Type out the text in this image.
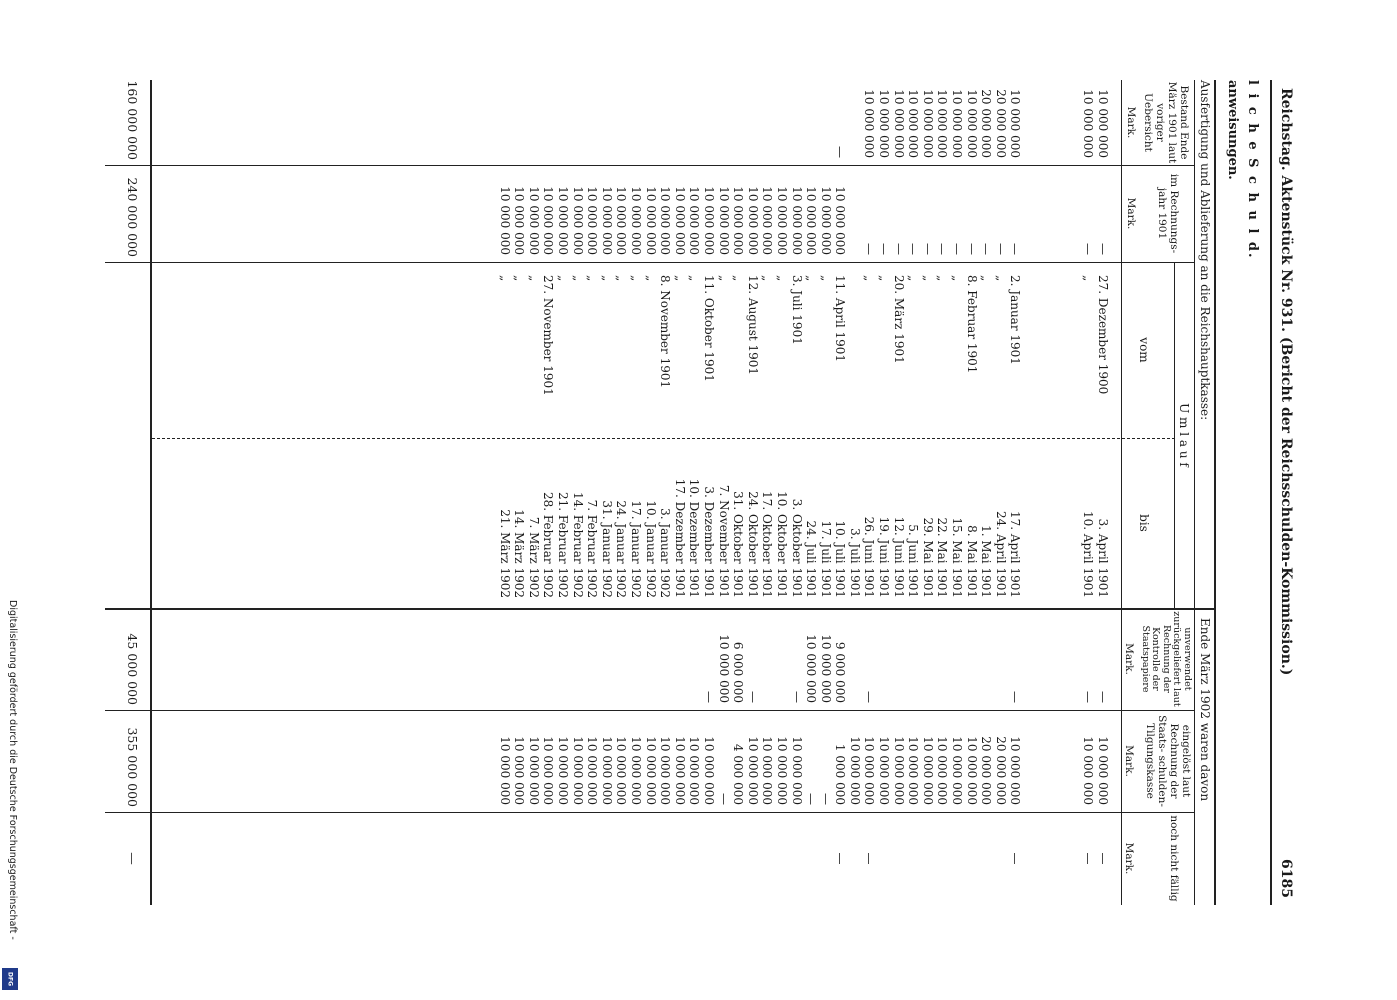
Reichstag. Aktenstück Nr. 931. (Bericht der Reichsschulden-Kommission.)
6185
l i c h e S c h u l d.
anweisungen.
Ausfertigung und Ablieferung an die Reichshauptkasse:
Ende März 1902 waren davon
Bestand Ende März 1901 laut voriger Uebersicht
Mark.
im Rechnungs- jahr 1901
Mark.
U m l a u f
vom
bis
unverwendet zurückgeliefert laut Rechnung der Kontrolle der Staatspapiere
Mark.
eingelöst laut Rechnung der Staats- schulden- Tilgungskasse
Mark.
noch nicht fällig
Mark.
10 000 000
10 000 000

10 000 000
20 000 000
20 000 000
10 000 000
10 000 000
10 000 000
10 000 000
10 000 000
10 000 000
10 000 000
10 000 000

—

—
—

—
—
—
—
—
—
—
—
—
—
—

10 000 000
10 000 000
10 000 000
10 000 000
10 000 000
10 000 000
10 000 000
10 000 000
10 000 000
10 000 000
10 000 000
10 000 000
10 000 000
10 000 000
10 000 000
10 000 000
10 000 000
10 000 000
10 000 000
10 000 000
10 000 000
10 000 000
10 000 000
10 000 000
27. Dezember 1900
„

2. Januar 1901
„
„
8. Februar 1901
„
„
„
„
20. März 1901
„
„

11. April 1901
„
„
3. Juli 1901
„
„
12. August 1901
„
„
11. Oktober 1901
„
„
8. November 1901
„
„
„
„
„
„
„
27. November 1901
„
„
„
3. April 1901
10. April 1901

17. April 1901
24. April 1901
1. Mai 1901
8. Mai 1901
15. Mai 1901
22. Mai 1901
29. Mai 1901
5. Juni 1901
12. Juni 1901
19. Juni 1901
26. Juni 1901
3. Juli 1901
10. Juli 1901
17. Juli 1901
24. Juli 1901
3. Oktober 1901
10. Oktober 1901
17. Oktober 1901
24. Oktober 1901
31. Oktober 1901
7. November 1901
3. Dezember 1901
10. Dezember 1901
17. Dezember 1901
3. Januar 1902
10. Januar 1902
17. Januar 1902
24. Januar 1902
31. Januar 1902
7. Februar 1902
14. Februar 1902
21. Februar 1902
28. Februar 1902
7. März 1902
14. März 1902
21. März 1902
—
—

—

—

9 000 000
10 000 000
10 000 000
—

—
6 000 000
10 000 000
—

10 000 000
10 000 000

10 000 000
20 000 000
20 000 000
10 000 000
10 000 000
10 000 000
10 000 000
10 000 000
10 000 000
10 000 000
10 000 000
10 000 000
1 000 000
—
—
10 000 000
10 000 000
10 000 000
10 000 000
4 000 000
—
10 000 000
10 000 000
10 000 000
10 000 000
10 000 000
10 000 000
10 000 000
10 000 000
10 000 000
10 000 000
10 000 000
10 000 000
10 000 000
10 000 000
10 000 000
—
—

—

—

—

160 000 000
240 000 000
45 000 000
355 000 000
—
Digitalisierung gefördert durch die Deutsche Forschungsgemeinschaft -
DFG
